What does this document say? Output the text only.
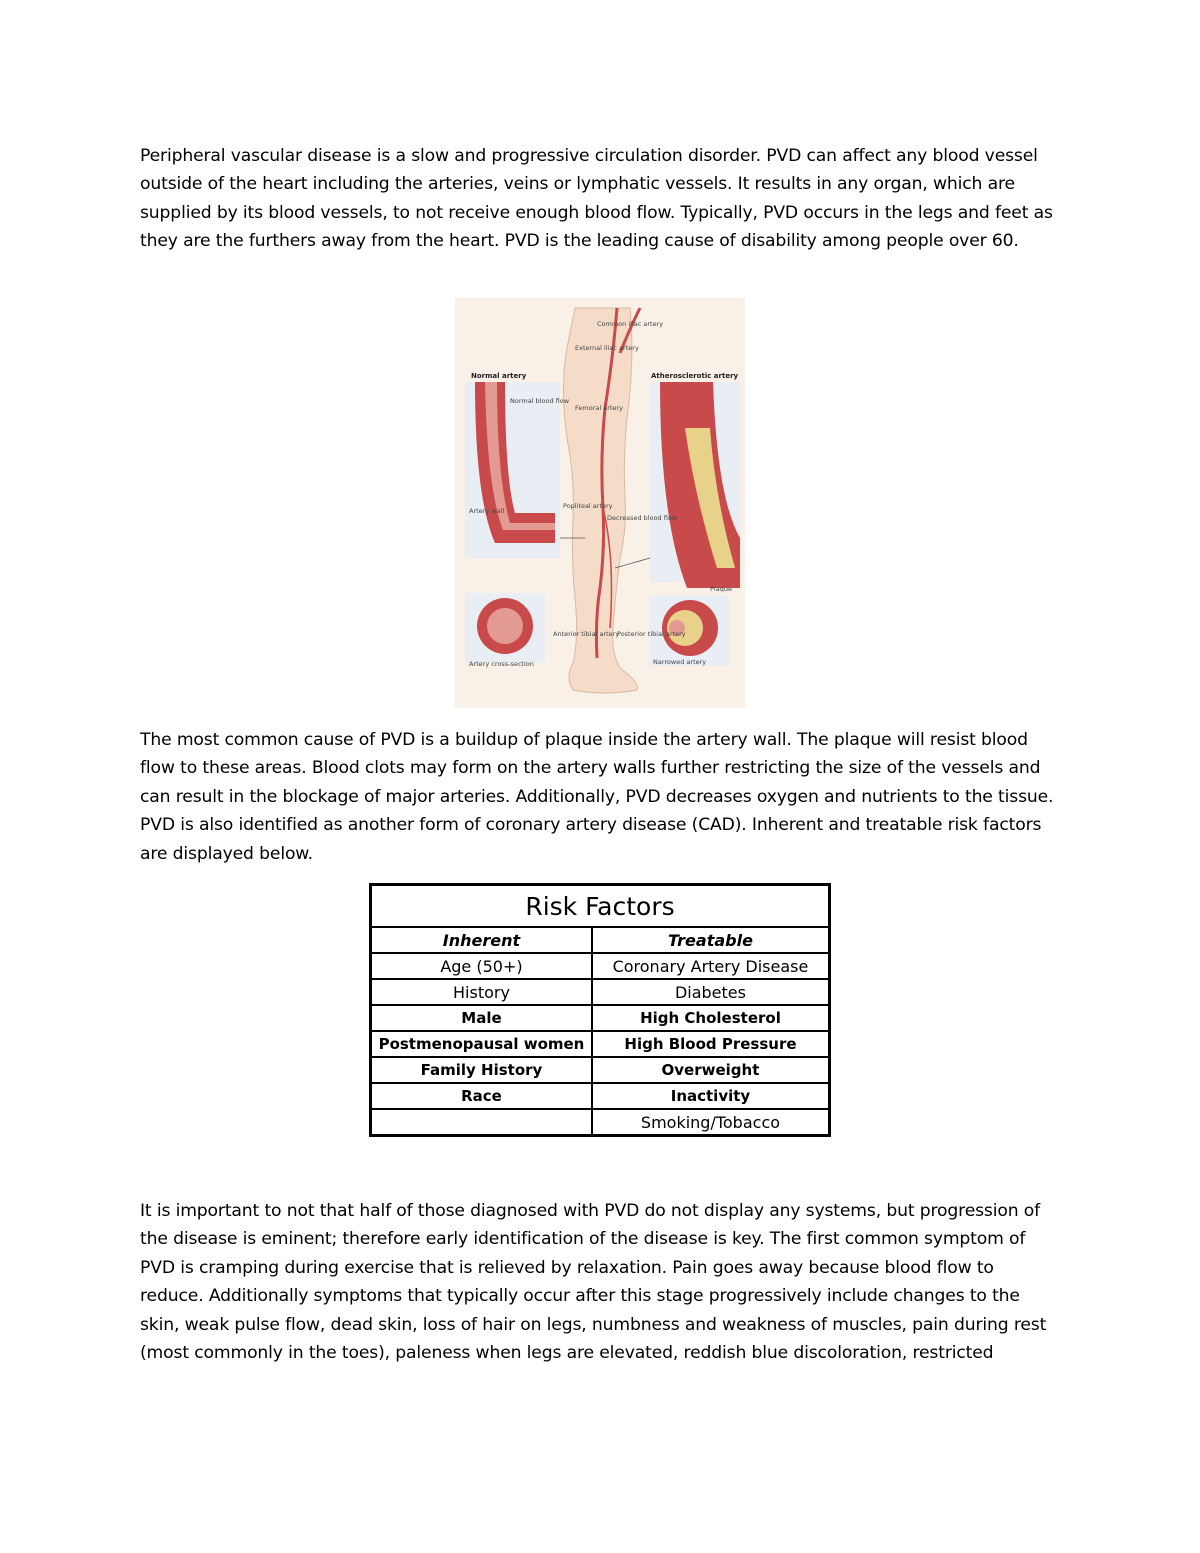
Peripheral vascular disease is a slow and progressive circulation disorder. PVD can affect any blood vessel outside of the heart including the arteries, veins or lymphatic vessels. It results in any organ, which are supplied by its blood vessels, to not receive enough blood flow. Typically, PVD occurs in the legs and feet as they are the furthers away from the heart. PVD is the leading cause of disability among people over 60.

Normal artery
Normal blood flow
Artery wall
Artery cross-section
Atherosclerotic artery
Decreased blood flow
Plaque
Narrowed artery
Common iliac artery
External iliac artery
Femoral artery
Popliteal artery
Anterior tibial artery
Posterior tibial artery

The most common cause of PVD is a buildup of plaque inside the artery wall. The plaque will resist blood flow to these areas. Blood clots may form on the artery walls further restricting the size of the vessels and can result in the blockage of major arteries. Additionally, PVD decreases oxygen and nutrients to the tissue. PVD is also identified as another form of coronary artery disease (CAD). Inherent and treatable risk factors are displayed below.

Risk Factors	
Inherent	Treatable
Age (50+)	Coronary Artery Disease
History	Diabetes
Male	High Cholesterol
Postmenopausal women	High Blood Pressure
Family History	Overweight
Race	Inactivity
	Smoking/Tobacco

It is important to not that half of those diagnosed with PVD do not display any systems, but progression of the disease is eminent; therefore early identification of the disease is key. The first common symptom of PVD is cramping during exercise that is relieved by relaxation. Pain goes away because blood flow to reduce. Additionally symptoms that typically occur after this stage progressively include changes to the skin, weak pulse flow, dead skin, loss of hair on legs, numbness and weakness of muscles, pain during rest (most commonly in the toes), paleness when legs are elevated, reddish blue discoloration, restricted
